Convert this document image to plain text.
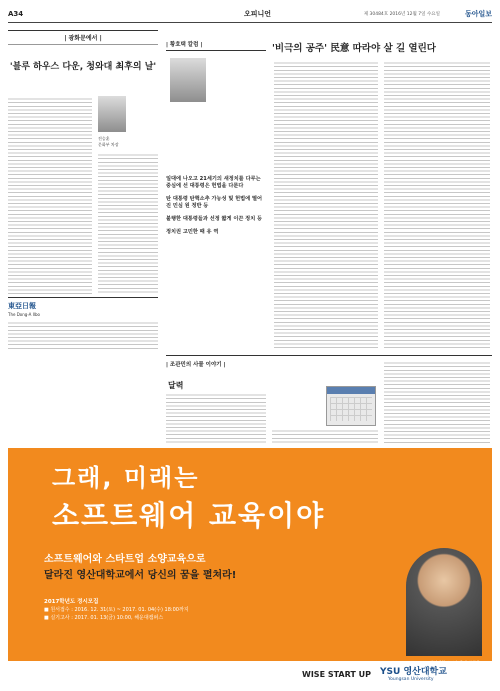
A34	오피니언	제 30484호 2016년 12월 7일 수요일	동아일보
| 광화문에서 |
'블루 하우스 다운, 청와대 최후의 날'
전승훈
문화부 차장
東亞日報
The Dong-A Ilbo
| 황호택 칼럼 |
일대에 나오고 21세기의 새정치를 다루는 중심에 선 대통령은 헌법을 다룬다
탄 대통령 탄핵소추 가능성 및 헌법에 떨어진 민심 원 정반 등
불행한 대통령들과 선정 짧게 이끈 정치 등
정치권 고민한 때 유 역
'비극의 공주' 民意 따라야 살 길 열린다
| 조관민의 사물 이야기 |
달력
그래, 미래는
소프트웨어 교육이야
소프트웨어와 스타트업 소양교육으로
달라진 영산대학교에서 당신의 꿈을 펼쳐라!
2017학년도 정시모집
■ 원서접수 : 2016. 12. 31(토) ~ 2017. 01. 04(수) 18:00까지
■ 실기고사 : 2017. 01. 13(금) 10:00, 해운대캠퍼스
WISE START UP YSU 영산대학교
Youngsan University
